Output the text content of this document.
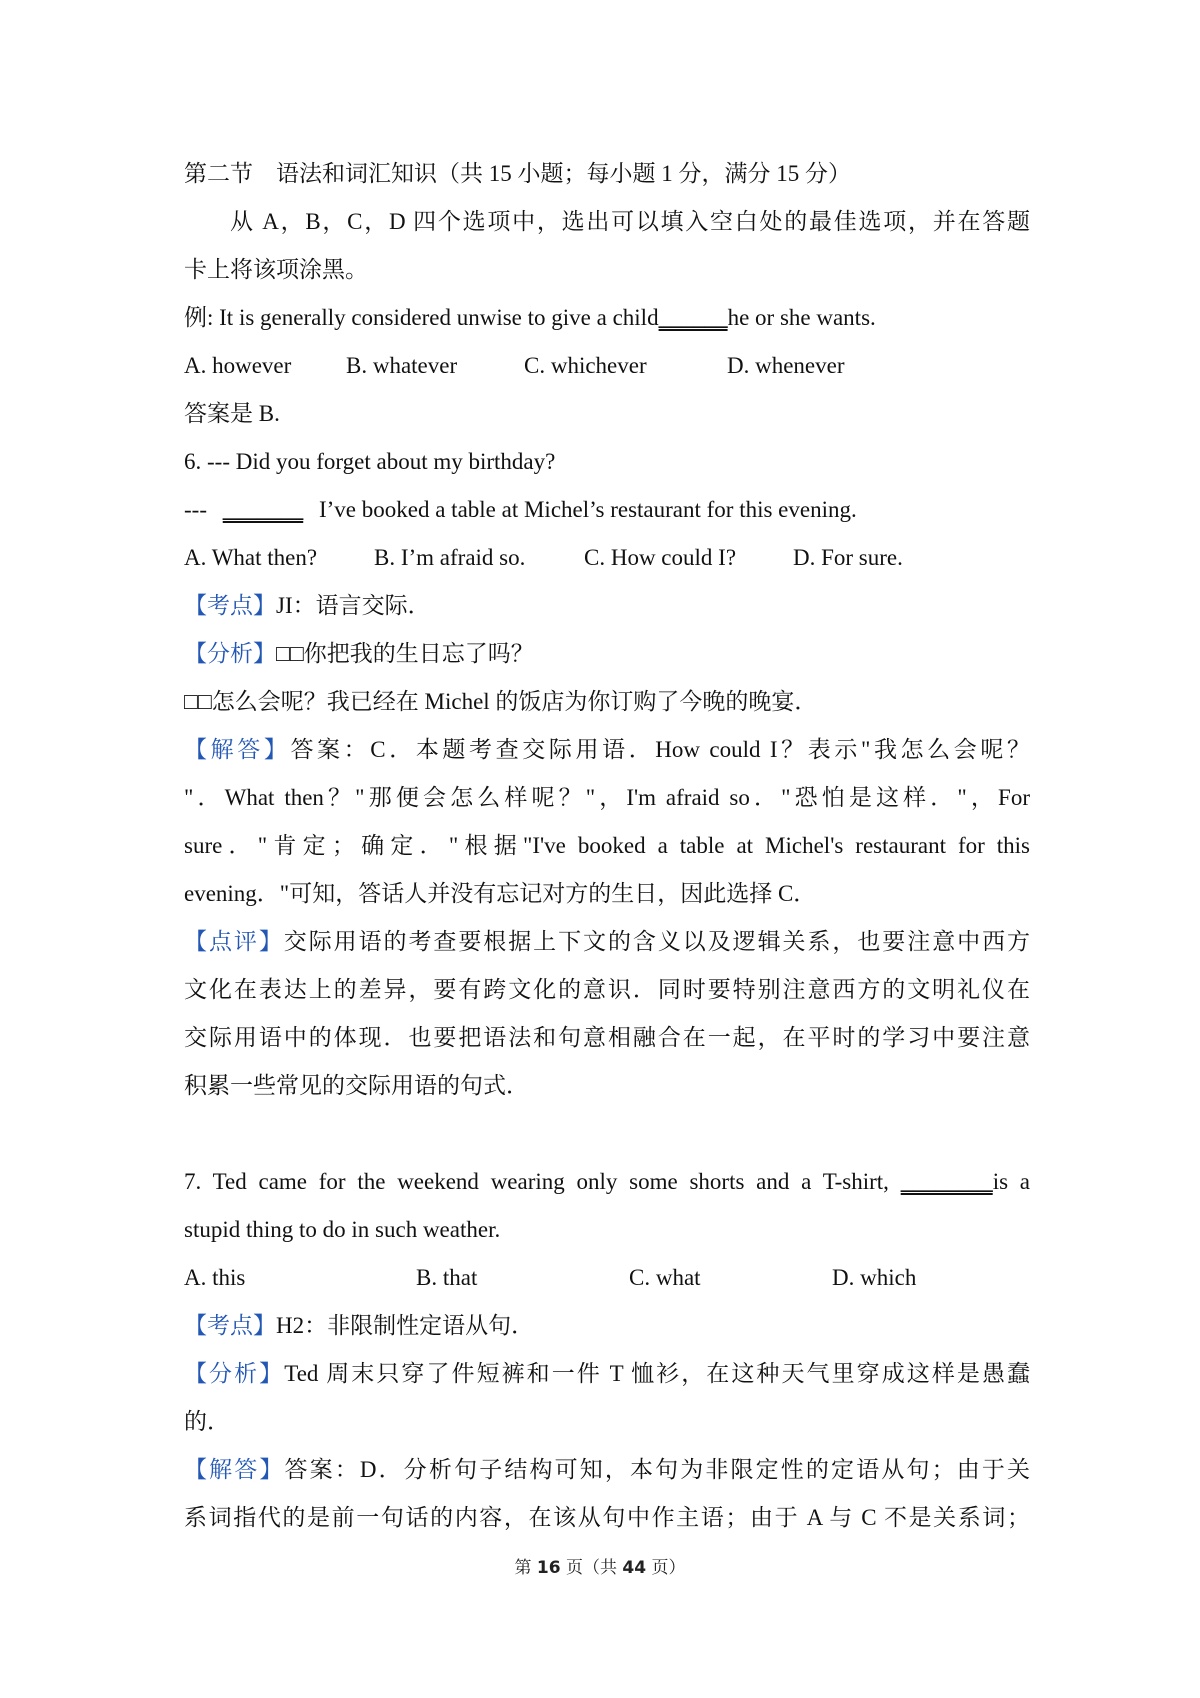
第二节　语法和词汇知识（共 15 小题；每小题 1 分，满分 15 分）
从 A，B，C，D 四个选项中，选出可以填入空白处的最佳选项，并在答题
卡上将该项涂黑。
例: It is generally considered unwise to give a child______he or she wants.
A. however	B. whatever	C. whichever	D. whenever
答案是 B.
6. --- Did you forget about my birthday?
--- _______ I’ve booked a table at Michel’s restaurant for this evening.
A. What then?	B. I’m afraid so.	C. How could I?	D. For sure.
【考点】JI：语言交际．
【分析】□□你把我的生日忘了吗？
□□怎么会呢？我已经在 Michel 的饭店为你订购了今晚的晚宴．
【解答】答案：C．本题考查交际用语．How could I？表示"我怎么会呢？
"．What then？"那便会怎么样呢？"，I'm afraid so．"恐怕是这样．"，For
sure．"肯定；确定．"根据"I've booked a table at Michel's restaurant for this
evening．"可知，答话人并没有忘记对方的生日，因此选择 C．
【点评】交际用语的考查要根据上下文的含义以及逻辑关系，也要注意中西方
文化在表达上的差异，要有跨文化的意识．同时要特别注意西方的文明礼仪在
交际用语中的体现．也要把语法和句意相融合在一起，在平时的学习中要注意
积累一些常见的交际用语的句式．
7. Ted came for the weekend wearing only some shorts and a T-shirt, ________is a
stupid thing to do in such weather.
A. this	B. that	C. what	D. which
【考点】H2：非限制性定语从句．
【分析】Ted 周末只穿了件短裤和一件 T 恤衫，在这种天气里穿成这样是愚蠢
的．
【解答】答案：D．分析句子结构可知，本句为非限定性的定语从句；由于关
系词指代的是前一句话的内容，在该从句中作主语；由于 A 与 C 不是关系词；
第 16 页（共 44 页）
